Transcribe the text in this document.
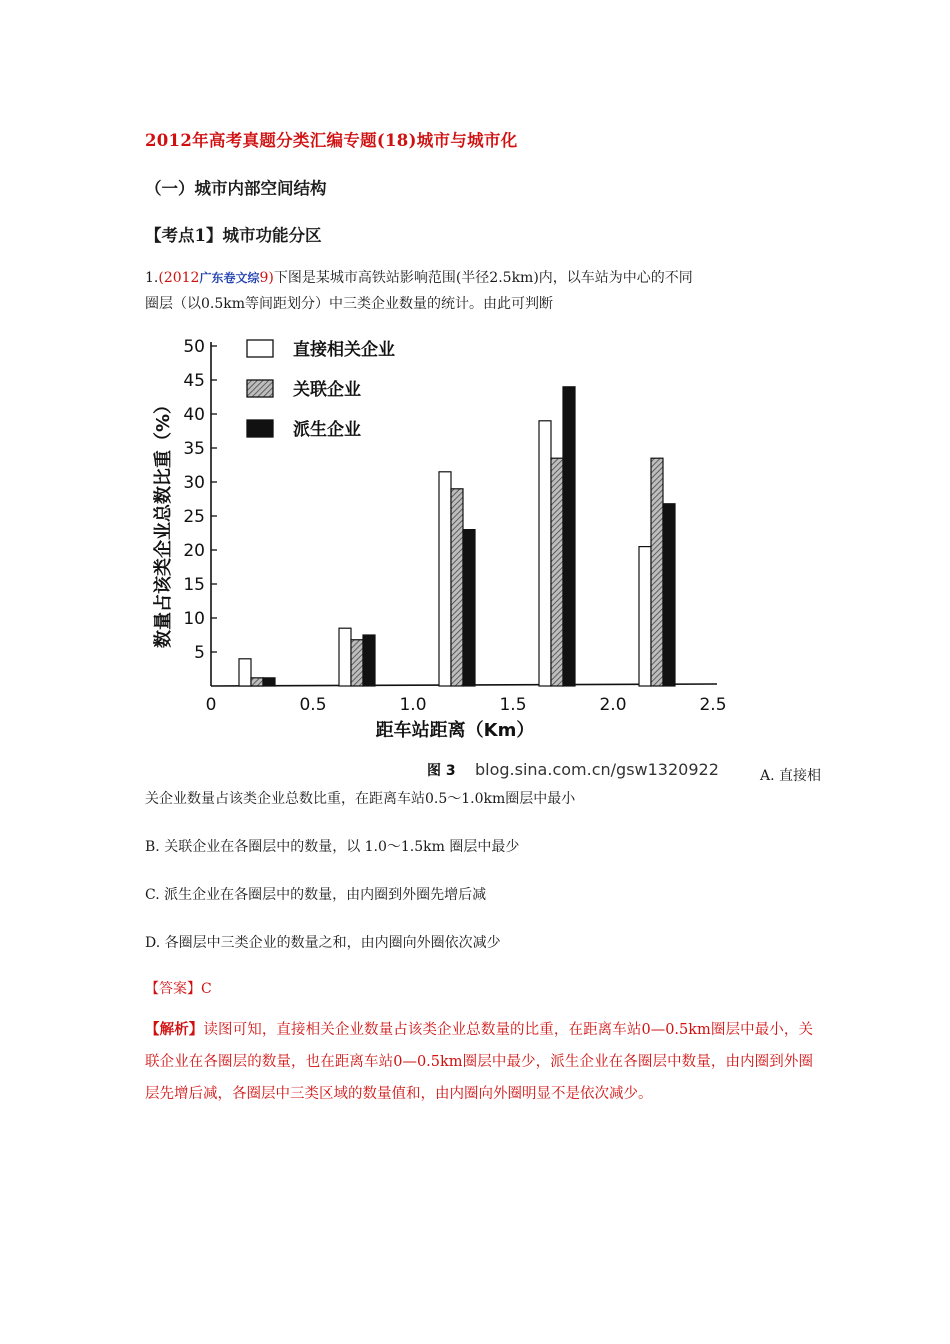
2012年高考真题分类汇编专题(18)城市与城市化
（一）城市内部空间结构
【考点1】城市功能分区
1.(2012广东卷文综9)下图是某城市高铁站影响范围(半径2.5km)内，以车站为中心的不同
圈层（以0.5km等间距划分）中三类企业数量的统计。由此可判断
5
10
15
20
25
30
35
40
45
50
0	0.5	1.0	1.5	2.0	2.5
直接相关企业
关联企业
派生企业
数量占该类企业总数比重（%）
距车站距离（Km）
图 3 blog.sina.com.cn/gsw1320922	A. 直接相
关企业数量占该类企业总数比重，在距离车站0.5～1.0km圈层中最小
B. 关联企业在各圈层中的数量，以 1.0～1.5km 圈层中最少
C. 派生企业在各圈层中的数量，由内圈到外圈先增后减
D. 各圈层中三类企业的数量之和，由内圈向外圈依次减少
【答案】C
【解析】读图可知，直接相关企业数量占该类企业总数量的比重，在距离车站0—0.5km圈层中最小，关联企业在各圈层的数量，也在距离车站0—0.5km圈层中最少，派生企业在各圈层中数量，由内圈到外圈层先增后减，各圈层中三类区域的数量值和，由内圈向外圈明显不是依次减少。
